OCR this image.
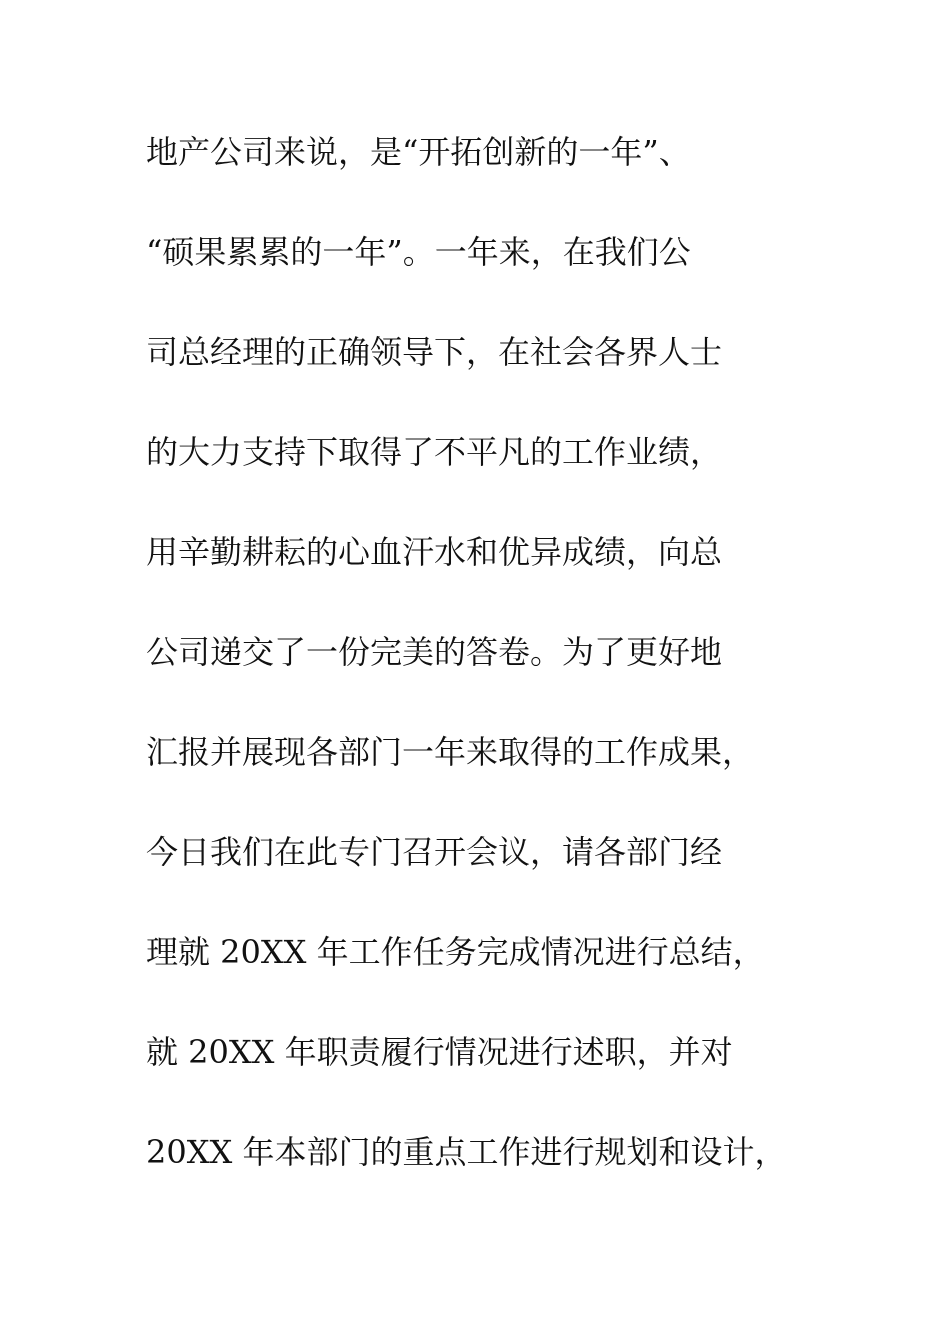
地产公司来说，是“开拓创新的一年”、
“硕果累累的一年”。一年来，在我们公
司总经理的正确领导下，在社会各界人士
的大力支持下取得了不平凡的工作业绩，
用辛勤耕耘的心血汗水和优异成绩，向总
公司递交了一份完美的答卷。为了更好地
汇报并展现各部门一年来取得的工作成果，
今日我们在此专门召开会议，请各部门经
理就 20XX 年工作任务完成情况进行总结，
就 20XX 年职责履行情况进行述职，并对
20XX 年本部门的重点工作进行规划和设计，
